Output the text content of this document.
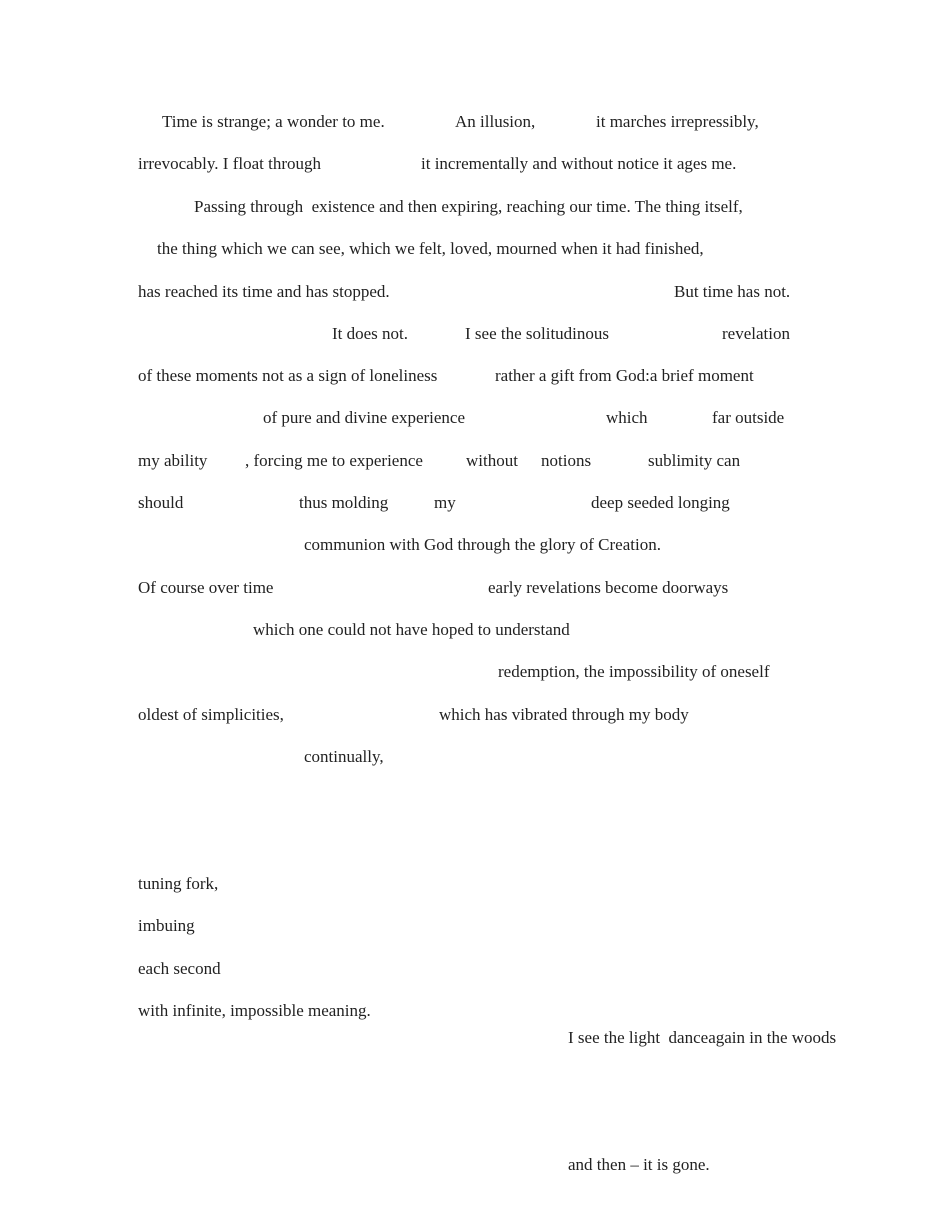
Time is strange; a wonder to me.	An illusion,	it marches irrepressibly,
irrevocably. I float through	it incrementally and without notice it ages me.
Passing through  existence and then expiring, reaching our time. The thing itself,
the thing which we can see, which we felt, loved, mourned when it had finished,
has reached its time and has stopped.	But time has not.
It does not.	I see the solitudinous	revelation
of these moments not as a sign of loneliness	rather a gift from God:a brief moment
of pure and divine experience	which	far outside
my ability , forcing me to experience	without notions	sublimity can
should	thus molding	my	deep seeded longing
communion with God through the glory of Creation.
Of course over time	early revelations become doorways
which one could not have hoped to understand
redemption, the impossibility of oneself
oldest of simplicities,	which has vibrated through my body
continually,
tuning fork,
imbuing
each second
with infinite, impossible meaning.
I see the light  danceagain in the woods
and then – it is gone.
